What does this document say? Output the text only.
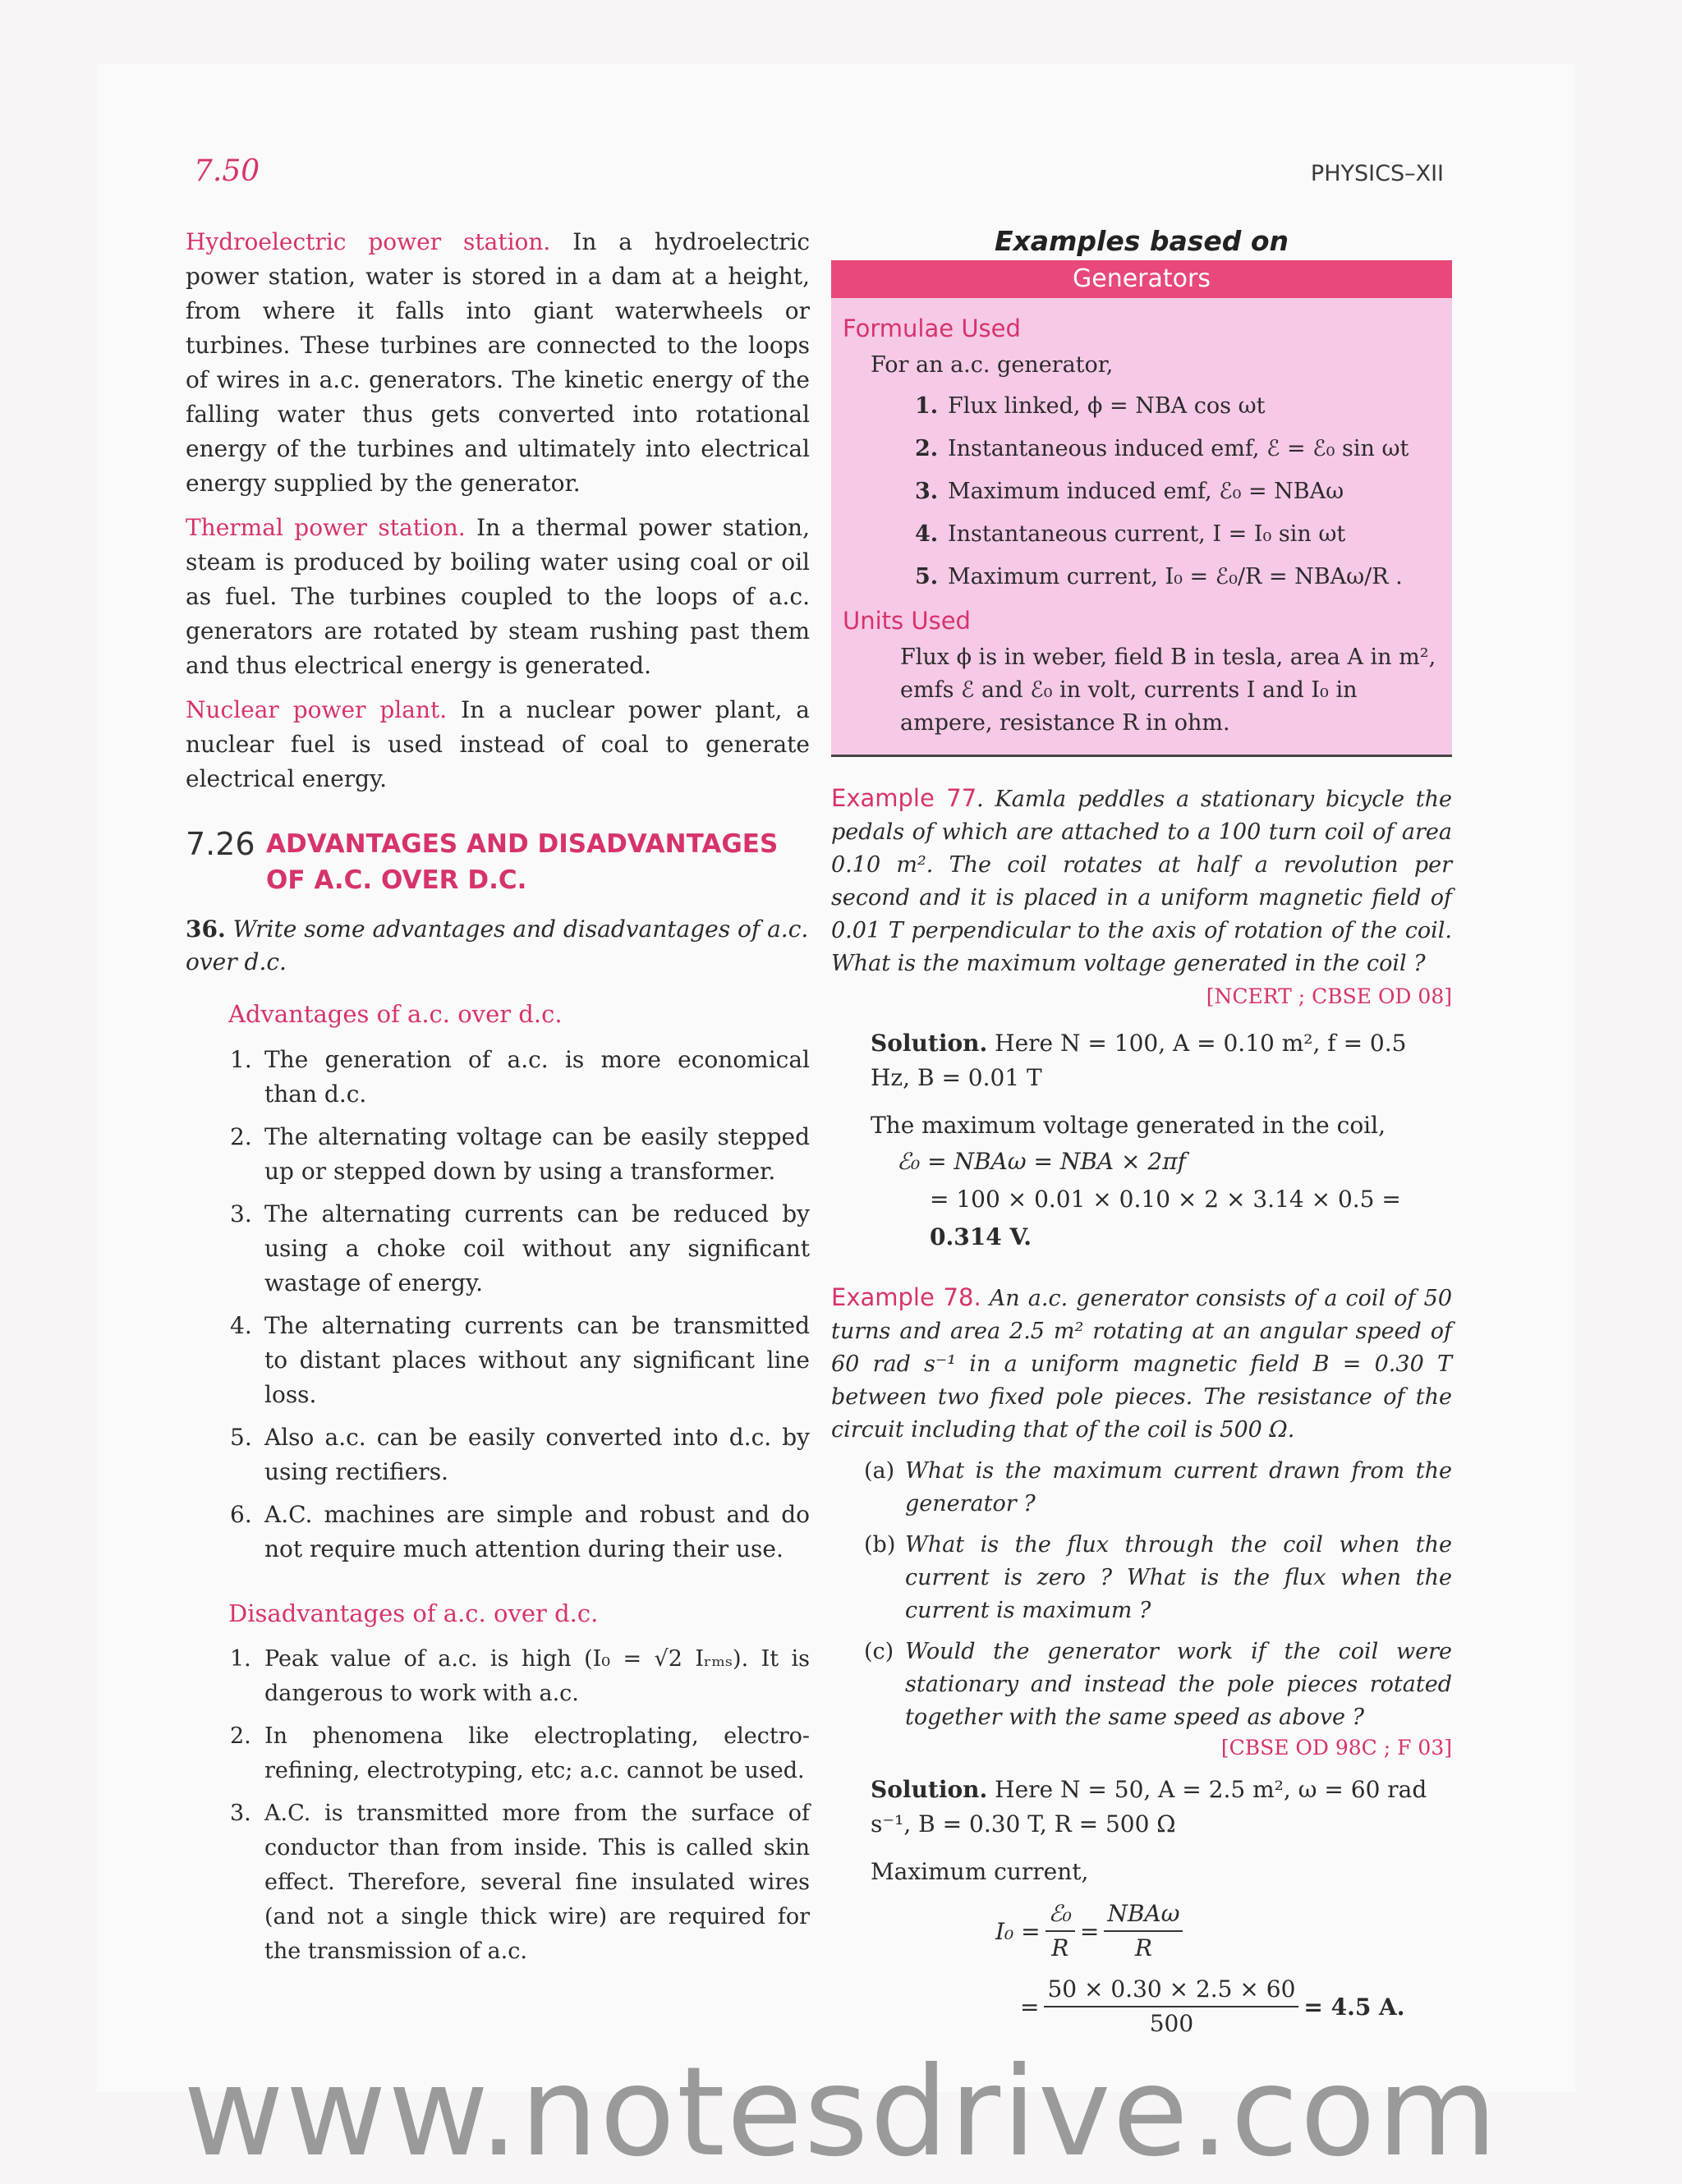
7.50	PHYSICS–XII

Hydroelectric power station. In a hydroelectric power station, water is stored in a dam at a height, from where it falls into giant waterwheels or turbines. These turbines are connected to the loops of wires in a.c. generators. The kinetic energy of the falling water thus gets converted into rotational energy of the turbines and ultimately into electrical energy supplied by the generator.

Thermal power station. In a thermal power station, steam is produced by boiling water using coal or oil as fuel. The turbines coupled to the loops of a.c. generators are rotated by steam rushing past them and thus electrical energy is generated.

Nuclear power plant. In a nuclear power plant, a nuclear fuel is used instead of coal to generate electrical energy.

7.26 ADVANTAGES AND DISADVANTAGES
OF A.C. OVER D.C.
36. Write some advantages and disadvantages of a.c. over d.c.
Advantages of a.c. over d.c.
1. The generation of a.c. is more economical than d.c.
2. The alternating voltage can be easily stepped up or stepped down by using a transformer.
3. The alternating currents can be reduced by using a choke coil without any significant wastage of energy.
4. The alternating currents can be transmitted to distant places without any significant line loss.
5. Also a.c. can be easily converted into d.c. by using rectifiers.
6. A.C. machines are simple and robust and do not require much attention during their use.
Disadvantages of a.c. over d.c.
1. Peak value of a.c. is high (I₀ = √2 Iᵣₘₛ). It is dangerous to work with a.c.
2. In phenomena like electroplating, electro-refining, electrotyping, etc; a.c. cannot be used.
3. A.C. is transmitted more from the surface of conductor than from inside. This is called skin effect. Therefore, several fine insulated wires (and not a single thick wire) are required for the transmission of a.c.
Examples based on
Generators
Formulae Used
For an a.c. generator,
1. Flux linked, ϕ = NBA cos ωt
2. Instantaneous induced emf, ℰ = ℰ₀ sin ωt
3. Maximum induced emf, ℰ₀ = NBAω
4. Instantaneous current, I = I₀ sin ωt
5. Maximum current, I₀ = ℰ₀/R = NBAω/R .
Units Used
Flux ϕ is in weber, field B in tesla, area A in m², emfs ℰ and ℰ₀ in volt, currents I and I₀ in ampere, resistance R in ohm.
Example 77. Kamla peddles a stationary bicycle the pedals of which are attached to a 100 turn coil of area 0.10 m². The coil rotates at half a revolution per second and it is placed in a uniform magnetic field of 0.01 T perpendicular to the axis of rotation of the coil. What is the maximum voltage generated in the coil ?
[NCERT ; CBSE OD 08]
Solution. Here N = 100, A = 0.10 m², f = 0.5 Hz, B = 0.01 T
The maximum voltage generated in the coil,
ℰ₀ = NBAω = NBA × 2πf
= 100 × 0.01 × 0.10 × 2 × 3.14 × 0.5 = 0.314 V.
Example 78. An a.c. generator consists of a coil of 50 turns and area 2.5 m² rotating at an angular speed of 60 rad s⁻¹ in a uniform magnetic field B = 0.30 T between two fixed pole pieces. The resistance of the circuit including that of the coil is 500 Ω.
(a) What is the maximum current drawn from the generator ?
(b) What is the flux through the coil when the current is zero ? What is the flux when the current is maximum ?
(c) Would the generator work if the coil were stationary and instead the pole pieces rotated together with the same speed as above ?
[CBSE OD 98C ; F 03]
Solution. Here N = 50, A = 2.5 m², ω = 60 rad s⁻¹, B = 0.30 T, R = 500 Ω
Maximum current,
$I_0 = \frac{\text{ℰ₀}}{R} = \frac{\text{NBAω}}{R}$
= $\frac{50 \times 0.30 \times 2.5 \times 60}{500} = 4.5$ A.
www.notesdrive.com
